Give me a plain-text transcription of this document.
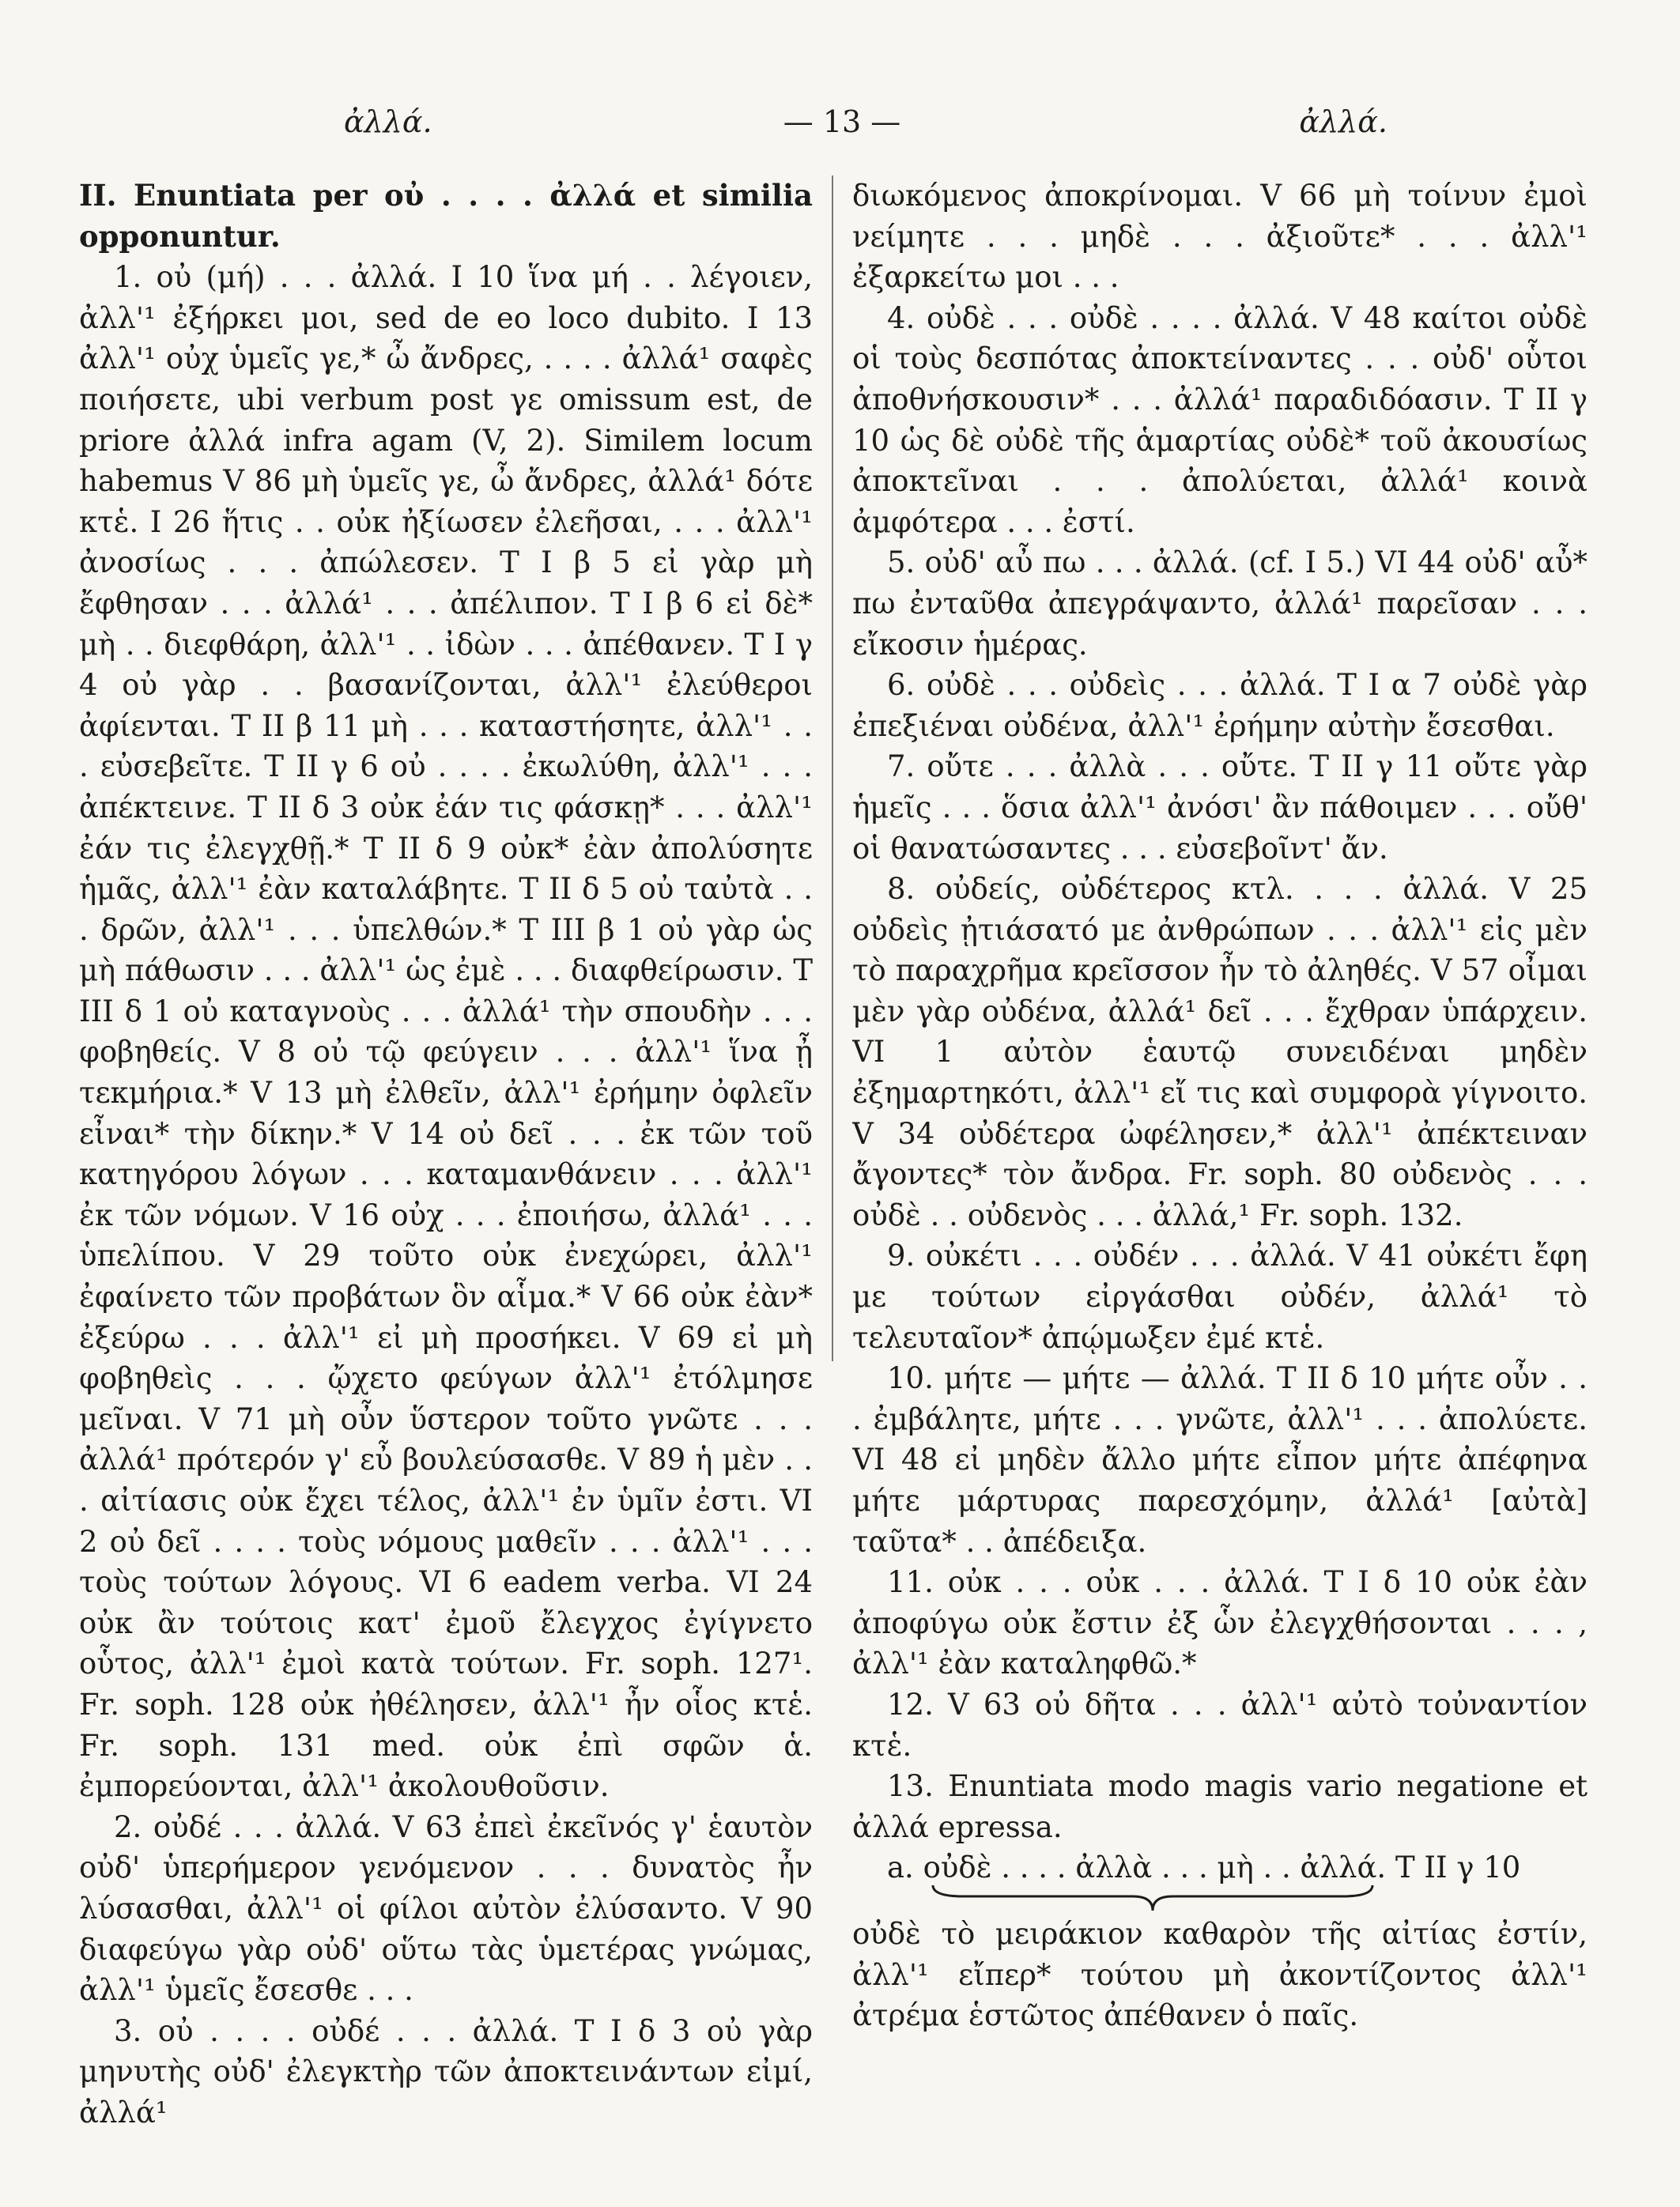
ἀλλά.	— 13 —	ἀλλά.

II. Enuntiata per οὐ . . . . ἀλλά et similia opponuntur.

1. οὐ (μή) . . . ἀλλά. I 10 ἵνα μή . . λέγοιεν, ἀλλ'¹ ἐξήρκει μοι, sed de eo loco dubito. I 13 ἀλλ'¹ οὐχ ὑμεῖς γε,* ὦ ἄνδρες, . . . . ἀλλά¹ σαφὲς ποιήσετε, ubi verbum post γε omissum est, de priore ἀλλά infra agam (V, 2). Similem locum habemus V 86 μὴ ὑμεῖς γε, ὦ ἄνδρες, ἀλλά¹ δότε κτἑ. I 26 ἥτις . . οὐκ ἠξίωσεν ἐλεῆσαι, . . . ἀλλ'¹ ἀνοσίως . . . ἀπώλεσεν. T I β 5 εἰ γὰρ μὴ ἔφθησαν . . . ἀλλά¹ . . . ἀπέλιπον. T I β 6 εἰ δὲ* μὴ . . διεφθάρη, ἀλλ'¹ . . ἰδὼν . . . ἀπέθανεν. T I γ 4 οὐ γὰρ . . βασανίζονται, ἀλλ'¹ ἐλεύθεροι ἀφίενται. T II β 11 μὴ . . . καταστήσητε, ἀλλ'¹ . . . εὐσεβεῖτε. T II γ 6 οὐ . . . . ἐκωλύθη, ἀλλ'¹ . . . ἀπέκτεινε. T II δ 3 οὐκ ἐάν τις φάσκῃ* . . . ἀλλ'¹ ἐάν τις ἐλεγχθῇ.* T II δ 9 οὐκ* ἐὰν ἀπολύσητε ἡμᾶς, ἀλλ'¹ ἐὰν καταλάβητε. T II δ 5 οὐ ταὐτὰ . . . δρῶν, ἀλλ'¹ . . . ὑπελθών.* T III β 1 οὐ γὰρ ὡς μὴ πάθωσιν . . . ἀλλ'¹ ὡς ἐμὲ . . . διαφθείρωσιν. T III δ 1 οὐ καταγνοὺς . . . ἀλλά¹ τὴν σπουδὴν . . . φοβηθείς. V 8 οὐ τῷ φεύγειν . . . ἀλλ'¹ ἵνα ᾖ τεκμήρια.* V 13 μὴ ἐλθεῖν, ἀλλ'¹ ἐρήμην ὀφλεῖν εἶναι* τὴν δίκην.* V 14 οὐ δεῖ . . . ἐκ τῶν τοῦ κατηγόρου λόγων . . . καταμανθάνειν . . . ἀλλ'¹ ἐκ τῶν νόμων. V 16 οὐχ . . . ἐποιήσω, ἀλλά¹ . . . ὑπελίπου. V 29 τοῦτο οὐκ ἐνεχώρει, ἀλλ'¹ ἐφαίνετο τῶν προβάτων ὃν αἷμα.* V 66 οὐκ ἐὰν* ἐξεύρω . . . ἀλλ'¹ εἰ μὴ προσήκει. V 69 εἰ μὴ φοβηθεὶς . . . ᾤχετο φεύγων ἀλλ'¹ ἐτόλμησε μεῖναι. V 71 μὴ οὖν ὕστερον τοῦτο γνῶτε . . . ἀλλά¹ πρότερόν γ' εὖ βουλεύσασθε. V 89 ἡ μὲν . . . αἰτίασις οὐκ ἔχει τέλος, ἀλλ'¹ ἐν ὑμῖν ἐστι. VI 2 οὐ δεῖ . . . . τοὺς νόμους μαθεῖν . . . ἀλλ'¹ . . . τοὺς τούτων λόγους. VI 6 eadem verba. VI 24 οὐκ ἂν τούτοις κατ' ἐμοῦ ἔλεγχος ἐγίγνετο οὗτος, ἀλλ'¹ ἐμοὶ κατὰ τούτων. Fr. soph. 127¹. Fr. soph. 128 οὐκ ἠθέλησεν, ἀλλ'¹ ἦν οἷος κτἑ. Fr. soph. 131 med. οὐκ ἐπὶ σφῶν ἁ. ἐμπορεύονται, ἀλλ'¹ ἀκολουθοῦσιν.

2. οὐδέ . . . ἀλλά. V 63 ἐπεὶ ἐκεῖνός γ' ἑαυτὸν οὐδ' ὑπερήμερον γενόμενον . . . δυνατὸς ἦν λύσασθαι, ἀλλ'¹ οἱ φίλοι αὐτὸν ἐλύσαντο. V 90 διαφεύγω γὰρ οὐδ' οὕτω τὰς ὑμετέρας γνώμας, ἀλλ'¹ ὑμεῖς ἔσεσθε . . .

3. οὐ . . . . οὐδέ . . . ἀλλά. T I δ 3 οὐ γὰρ μηνυτὴς οὐδ' ἐλεγκτὴρ τῶν ἀποκτεινάντων εἰμί, ἀλλά¹

διωκόμενος ἀποκρίνομαι. V 66 μὴ τοίνυν ἐμοὶ νείμητε . . . μηδὲ . . . ἀξιοῦτε* . . . ἀλλ'¹ ἐξαρκείτω μοι . . .

4. οὐδὲ . . . οὐδὲ . . . . ἀλλά. V 48 καίτοι οὐδὲ οἱ τοὺς δεσπότας ἀποκτείναντες . . . οὐδ' οὗτοι ἀποθνήσκουσιν* . . . ἀλλά¹ παραδιδόασιν. T II γ 10 ὡς δὲ οὐδὲ τῆς ἁμαρτίας οὐδὲ* τοῦ ἀκουσίως ἀποκτεῖναι . . . ἀπολύεται, ἀλλά¹ κοινὰ ἀμφότερα . . . ἐστί.

5. οὐδ' αὖ πω . . . ἀλλά. (cf. I 5.) VI 44 οὐδ' αὖ* πω ἐνταῦθα ἀπεγράψαντο, ἀλλά¹ παρεῖσαν . . . εἴκοσιν ἡμέρας.

6. οὐδὲ . . . οὐδεὶς . . . ἀλλά. T I α 7 οὐδὲ γὰρ ἐπεξιέναι οὐδένα, ἀλλ'¹ ἐρήμην αὐτὴν ἔσεσθαι.

7. οὔτε . . . ἀλλὰ . . . οὔτε. T II γ 11 οὔτε γὰρ ἡμεῖς . . . ὅσια ἀλλ'¹ ἀνόσι' ἂν πάθοιμεν . . . οὔθ' οἱ θανατώσαντες . . . εὐσεβοῖντ' ἄν.

8. οὐδείς, οὐδέτερος κτλ. . . . ἀλλά. V 25 οὐδεὶς ᾐτιάσατό με ἀνθρώπων . . . ἀλλ'¹ εἰς μὲν τὸ παραχρῆμα κρεῖσσον ἦν τὸ ἀληθές. V 57 οἶμαι μὲν γὰρ οὐδένα, ἀλλά¹ δεῖ . . . ἔχθραν ὑπάρχειν. VI 1 αὐτὸν ἑαυτῷ συνειδέναι μηδὲν ἐξημαρτηκότι, ἀλλ'¹ εἴ τις καὶ συμφορὰ γίγνοιτο. V 34 οὐδέτερα ὠφέλησεν,* ἀλλ'¹ ἀπέκτειναν ἄγοντες* τὸν ἄνδρα. Fr. soph. 80 οὐδενὸς . . . οὐδὲ . . οὐδενὸς . . . ἀλλά,¹ Fr. soph. 132.

9. οὐκέτι . . . οὐδέν . . . ἀλλά. V 41 οὐκέτι ἔφη με τούτων εἰργάσθαι οὐδέν, ἀλλά¹ τὸ τελευταῖον* ἀπῴμωξεν ἐμέ κτἑ.

10. μήτε — μήτε — ἀλλά. T II δ 10 μήτε οὖν . . . ἐμβάλητε, μήτε . . . γνῶτε, ἀλλ'¹ . . . ἀπολύετε. VI 48 εἰ μηδὲν ἄλλο μήτε εἶπον μήτε ἀπέφηνα μήτε μάρτυρας παρεσχόμην, ἀλλά¹ [αὐτὰ] ταῦτα* . . ἀπέδειξα.

11. οὐκ . . . οὐκ . . . ἀλλά. T I δ 10 οὐκ ἐὰν ἀποφύγω οὐκ ἔστιν ἐξ ὧν ἐλεγχθήσονται . . . , ἀλλ'¹ ἐὰν καταληφθῶ.*

12. V 63 οὐ δῆτα . . . ἀλλ'¹ αὐτὸ τοὐναντίον κτἑ.

13. Enuntiata modo magis vario negatione et ἀλλά epressa.

a. οὐδὲ . . . . ἀλλὰ . . . μὴ . . ἀλλά. T II γ 10

οὐδὲ τὸ μειράκιον καθαρὸν τῆς αἰτίας ἐστίν, ἀλλ'¹ εἴπερ* τούτου μὴ ἀκοντίζοντος ἀλλ'¹ ἀτρέμα ἑστῶτος ἀπέθανεν ὁ παῖς.
